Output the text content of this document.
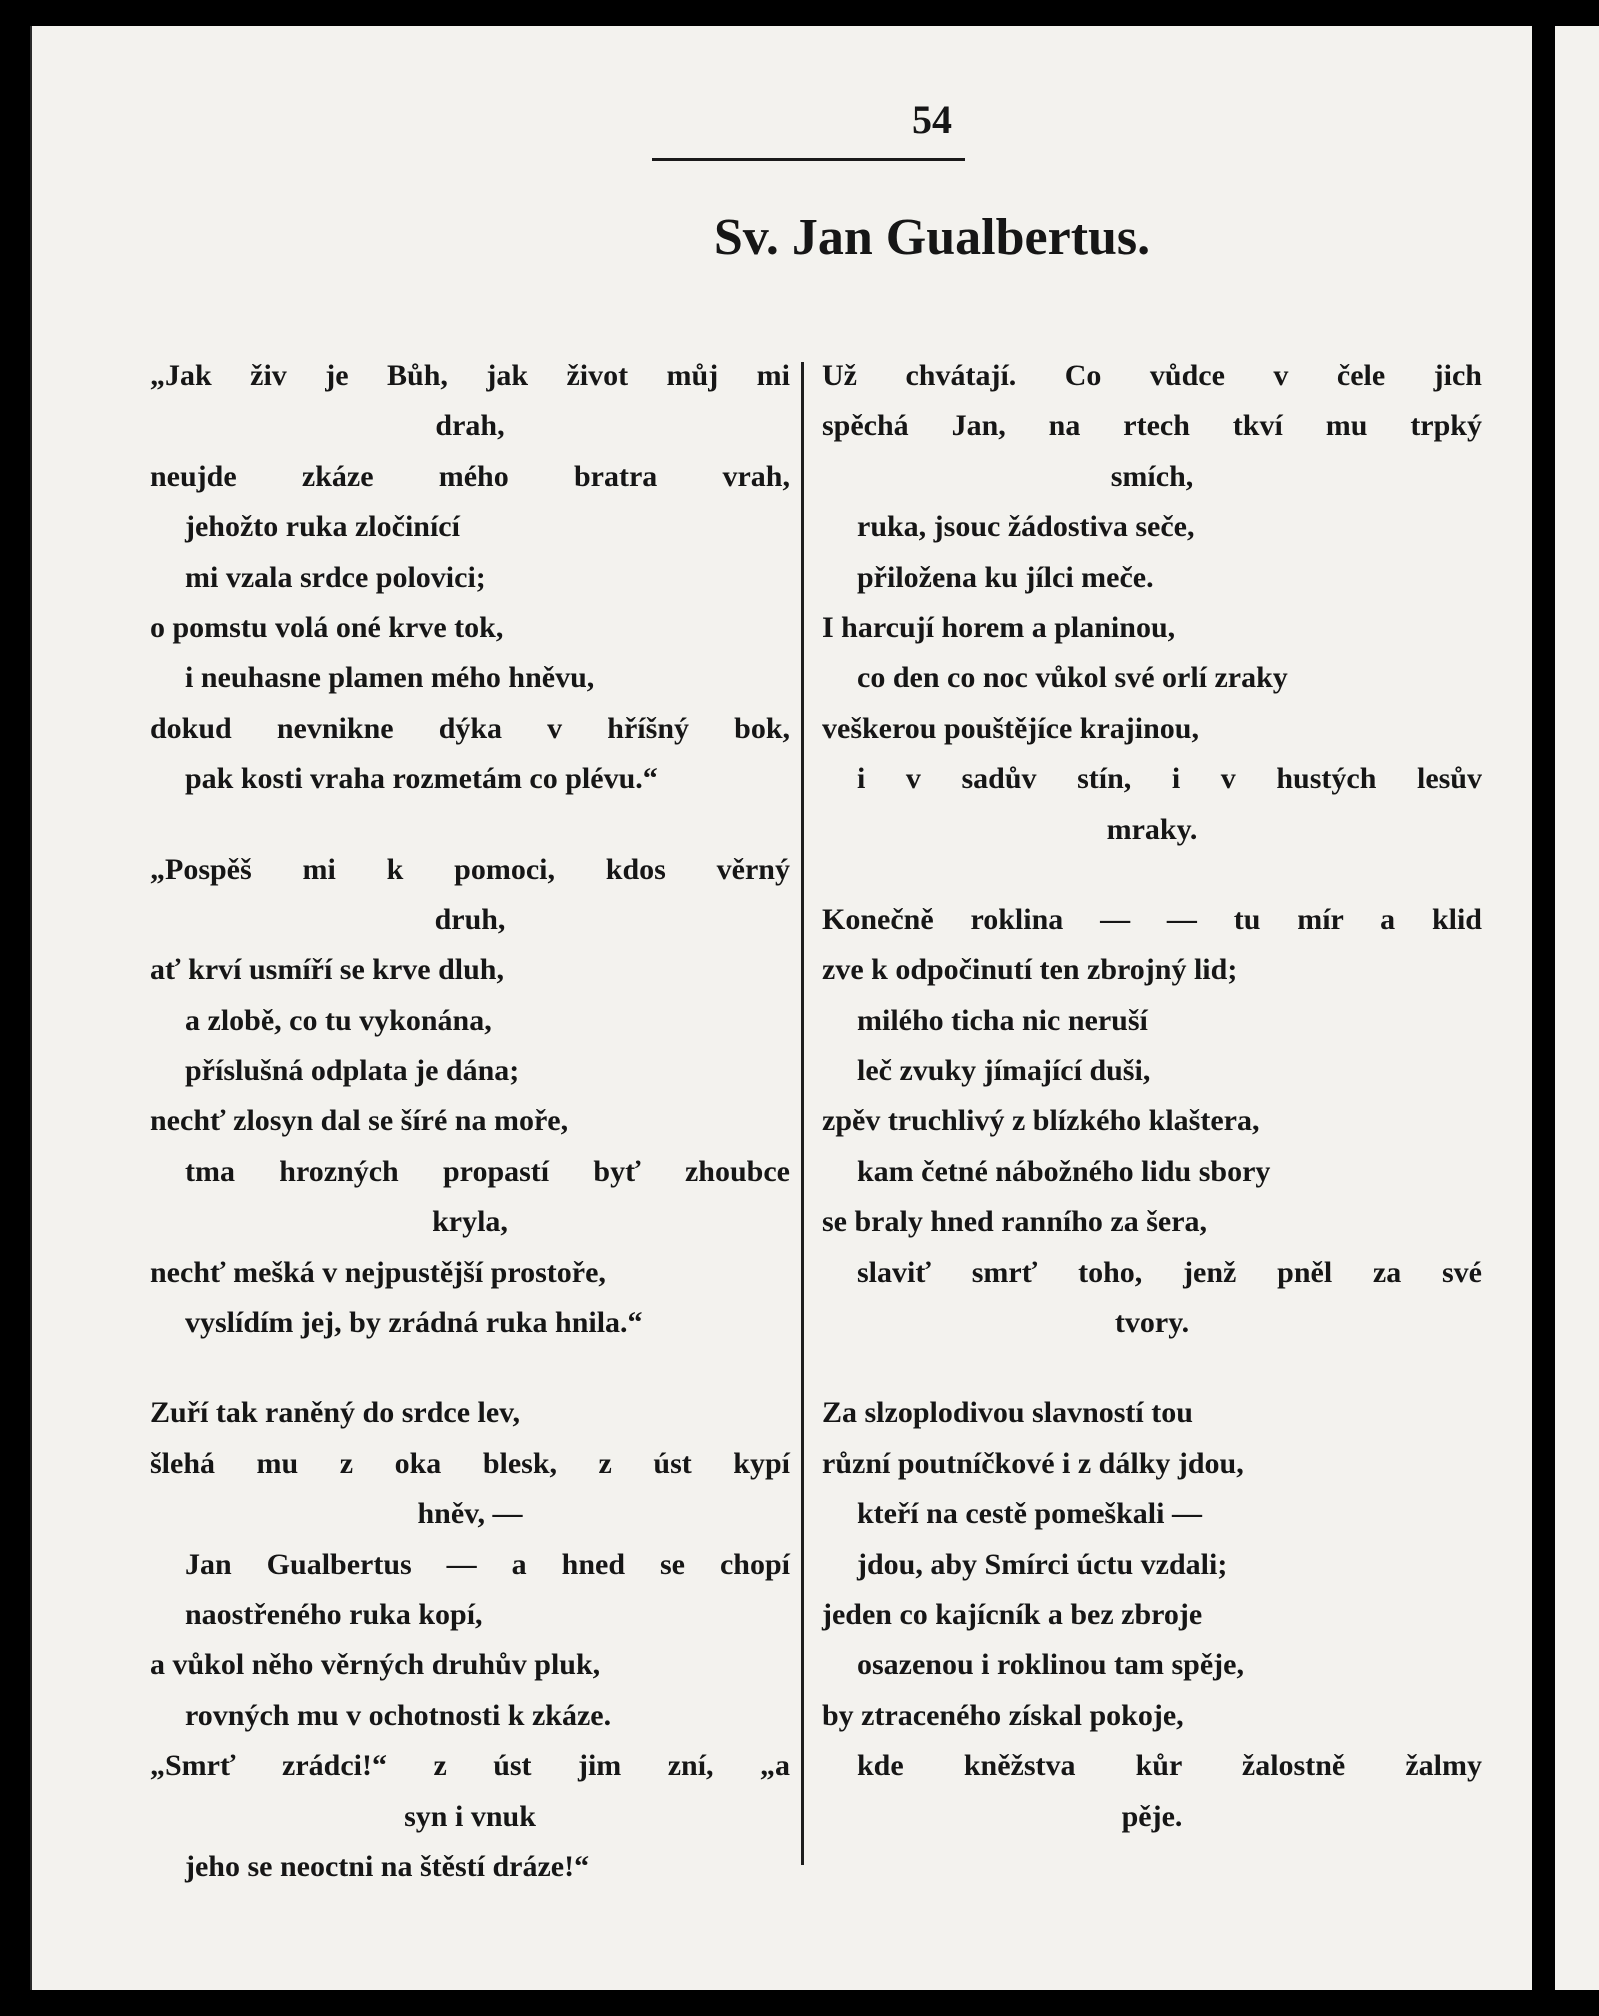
54
Sv. Jan Gualbertus.
„Jak živ je Bůh, jak život můj mi
drah,
neujde zkáze mého bratra vrah,
jehožto ruka zločinící
mi vzala srdce polovici;
o pomstu volá oné krve tok,
i neuhasne plamen mého hněvu,
dokud nevnikne dýka v hříšný bok,
pak kosti vraha rozmetám co plévu.“
„Pospěš mi k pomoci, kdos věrný
druh,
ať krví usmíří se krve dluh,
a zlobě, co tu vykonána,
příslušná odplata je dána;
nechť zlosyn dal se šíré na moře,
tma hrozných propastí byť zhoubce
kryla,
nechť mešká v nejpustější prostoře,
vyslídím jej, by zrádná ruka hnila.“
Zuří tak raněný do srdce lev,
šlehá mu z oka blesk, z úst kypí
hněv, —
Jan Gualbertus — a hned se chopí
naostřeného ruka kopí,
a vůkol něho věrných druhův pluk,
rovných mu v ochotnosti k zkáze.
„Smrť zrádci!“ z úst jim zní, „a
syn i vnuk
jeho se neoctni na štěstí dráze!“
Už chvátají. Co vůdce v čele jich
spěchá Jan, na rtech tkví mu trpký
smích,
ruka, jsouc žádostiva seče,
přiložena ku jílci meče.
I harcují horem a planinou,
co den co noc vůkol své orlí zraky
veškerou pouštějíce krajinou,
i v sadův stín, i v hustých lesův
mraky.
Konečně roklina — — tu mír a klid
zve k odpočinutí ten zbrojný lid;
milého ticha nic neruší
leč zvuky jímající duši,
zpěv truchlivý z blízkého klaštera,
kam četné nábožného lidu sbory
se braly hned ranního za šera,
slaviť smrť toho, jenž pněl za své
tvory.
Za slzoplodivou slavností tou
různí poutníčkové i z dálky jdou,
kteří na cestě pomeškali —
jdou, aby Smírci úctu vzdali;
jeden co kajícník a bez zbroje
osazenou i roklinou tam spěje,
by ztraceného získal pokoje,
kde kněžstva kůr žalostně žalmy
pěje.
